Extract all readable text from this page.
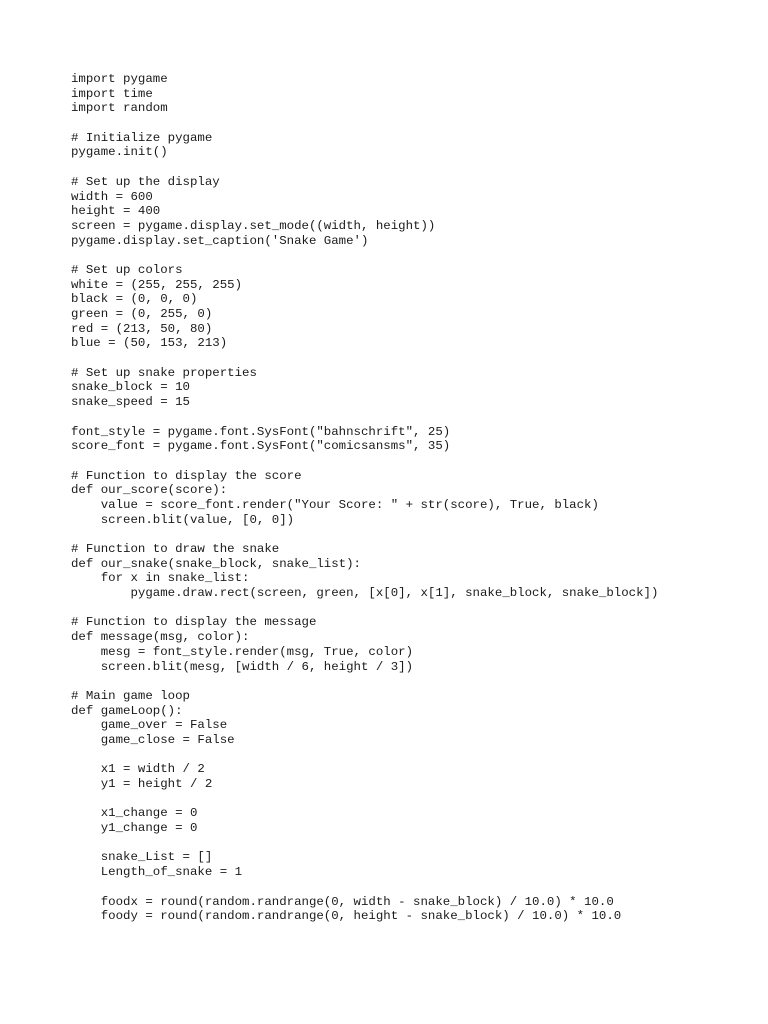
import pygame
import time
import random
# Initialize pygame
pygame.init()
# Set up the display
width = 600
height = 400
screen = pygame.display.set_mode((width, height))
pygame.display.set_caption('Snake Game')
# Set up colors
white = (255, 255, 255)
black = (0, 0, 0)
green = (0, 255, 0)
red = (213, 50, 80)
blue = (50, 153, 213)
# Set up snake properties
snake_block = 10
snake_speed = 15
font_style = pygame.font.SysFont("bahnschrift", 25)
score_font = pygame.font.SysFont("comicsansms", 35)
# Function to display the score
def our_score(score):
value = score_font.render("Your Score: " + str(score), True, black)
screen.blit(value, [0, 0])
# Function to draw the snake
def our_snake(snake_block, snake_list):
for x in snake_list:
pygame.draw.rect(screen, green, [x[0], x[1], snake_block, snake_block])
# Function to display the message
def message(msg, color):
mesg = font_style.render(msg, True, color)
screen.blit(mesg, [width / 6, height / 3])
# Main game loop
def gameLoop():
game_over = False
game_close = False
x1 = width / 2
y1 = height / 2
x1_change = 0
y1_change = 0
snake_List = []
Length_of_snake = 1
foodx = round(random.randrange(0, width - snake_block) / 10.0) * 10.0
foody = round(random.randrange(0, height - snake_block) / 10.0) * 10.0
